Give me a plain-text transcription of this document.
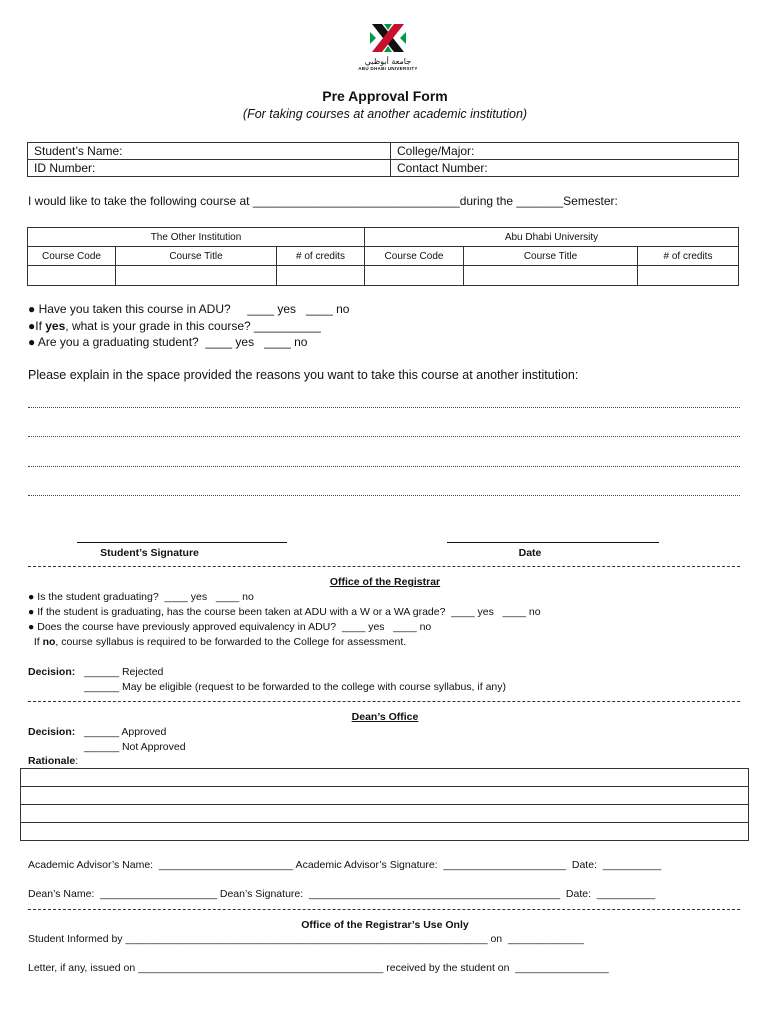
جامعة أبوظبي
ABU DHABI UNIVERSITY
Pre Approval Form
(For taking courses at another academic institution)
Student’s Name:	College/Major:
ID Number:	Contact Number:
I would like to take the following course at _______________________________during the _______Semester:
The Other Institution			Abu Dhabi University		
Course Code	Course Title	# of credits	Course Code	Course Title	# of credits

● Have you taken this course in ADU?     ____ yes   ____ no
●If yes, what is your grade in this course? __________
● Are you a graduating student?  ____ yes   ____ no
Please explain in the space provided the reasons you want to take this course at another institution:
Student’s Signature	Date
Office of the Registrar
● Is the student graduating?  ____ yes   ____ no
● If the student is graduating, has the course been taken at ADU with a W or a WA grade?  ____ yes   ____ no
● Does the course have previously approved equivalency in ADU?  ____ yes   ____ no
If no, course syllabus is required to be forwarded to the College for assessment.
Decision: ______ Rejected
______ May be eligible (request to be forwarded to the college with course syllabus, if any)
Dean’s Office
Decision: ______ Approved
______ Not Approved
Rationale:

Academic Advisor’s Name:  _______________________ Academic Advisor’s Signature:  _____________________  Date:  __________
Dean’s Name:  ____________________ Dean’s Signature:  ___________________________________________  Date:  __________
Office of the Registrar’s Use Only
Student Informed by ______________________________________________________________ on  _____________
Letter, if any, issued on __________________________________________ received by the student on  ________________
